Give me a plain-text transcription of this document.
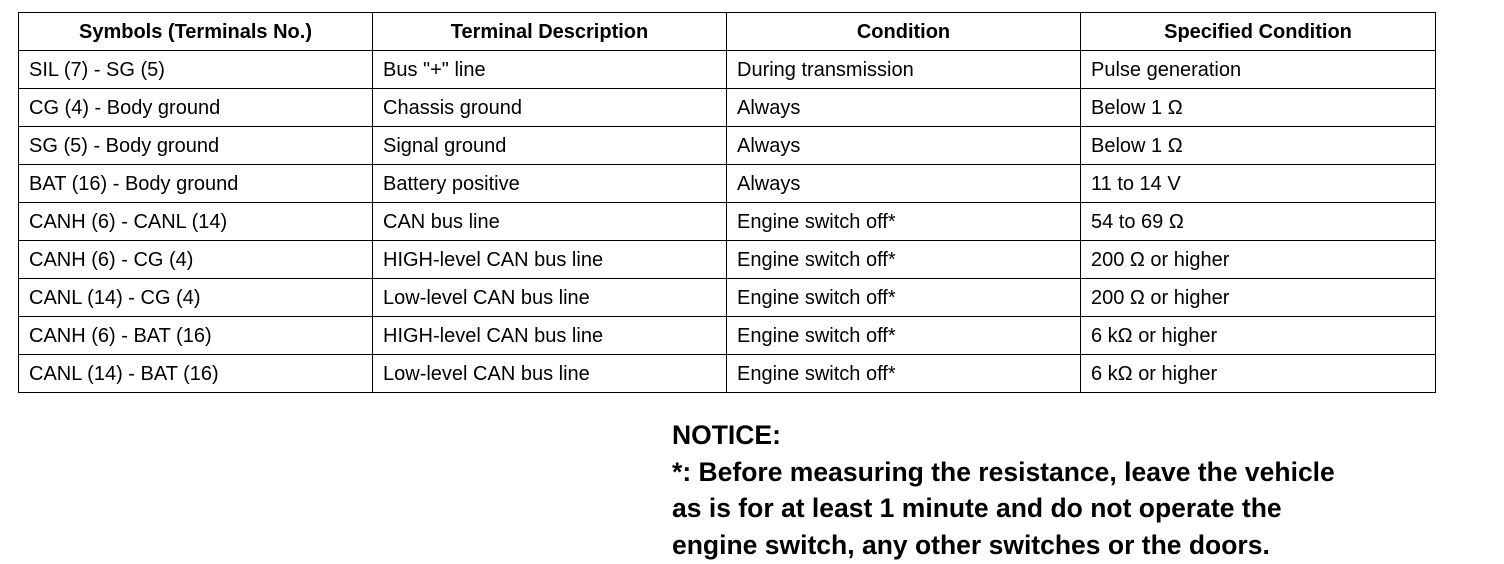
Symbols (Terminals No.)	Terminal Description	Condition	Specified Condition
SIL (7) - SG (5)	Bus "+" line	During transmission	Pulse generation
CG (4) - Body ground	Chassis ground	Always	Below 1 Ω
SG (5) - Body ground	Signal ground	Always	Below 1 Ω
BAT (16) - Body ground	Battery positive	Always	11 to 14 V
CANH (6) - CANL (14)	CAN bus line	Engine switch off*	54 to 69 Ω
CANH (6) - CG (4)	HIGH-level CAN bus line	Engine switch off*	200 Ω or higher
CANL (14) - CG (4)	Low-level CAN bus line	Engine switch off*	200 Ω or higher
CANH (6) - BAT (16)	HIGH-level CAN bus line	Engine switch off*	6 kΩ or higher
CANL (14) - BAT (16)	Low-level CAN bus line	Engine switch off*	6 kΩ or higher
NOTICE:
*: Before measuring the resistance, leave the vehicle
as is for at least 1 minute and do not operate the
engine switch, any other switches or the doors.
